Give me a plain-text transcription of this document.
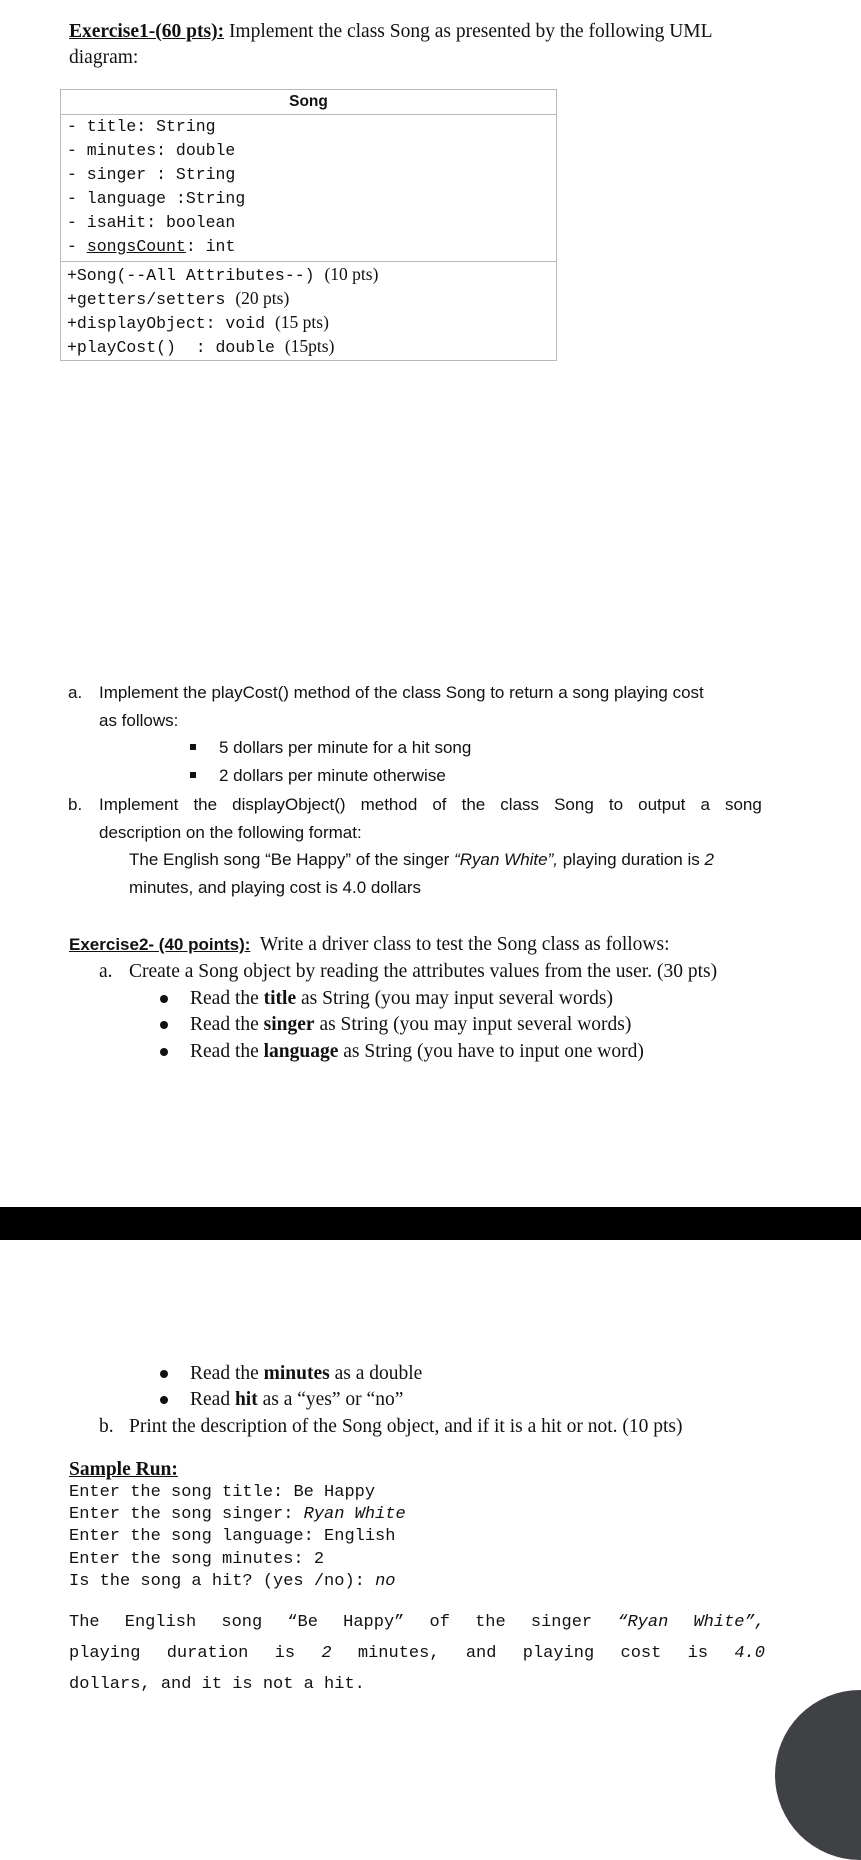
Exercise1-(60 pts): Implement the class Song as presented by the following UML
diagram:
Song
- title: String
- minutes: double
- singer : String
- language :String
- isaHit: boolean
- songsCount: int
+Song(--All Attributes--) (10 pts)
+getters/setters (20 pts)
+displayObject: void (15 pts)
+playCost()  : double (15pts)
a. Implement the playCost() method of the class Song to return a song playing cost
as follows:
5 dollars per minute for a hit song
2 dollars per minute otherwise
b. Implement the displayObject() method of the class Song to output a song
description on the following format:
The English song “Be Happy” of the singer “Ryan White”, playing duration is 2
minutes, and playing cost is 4.0 dollars
Exercise2- (40 points): Write a driver class to test the Song class as follows:
a. Create a Song object by reading the attributes values from the user. (30 pts)
Read the title as String (you may input several words)
Read the singer as String (you may input several words)
Read the language as String (you have to input one word)
Read the minutes as a double
Read hit as a “yes” or “no”
b. Print the description of the Song object, and if it is a hit or not. (10 pts)
Sample Run:
Enter the song title: Be Happy
Enter the song singer: Ryan White
Enter the song language: English
Enter the song minutes: 2
Is the song a hit? (yes /no): no
The English song “Be Happy” of the singer “Ryan White”,
playing duration is 2 minutes, and playing cost is 4.0
dollars, and it is not a hit.
